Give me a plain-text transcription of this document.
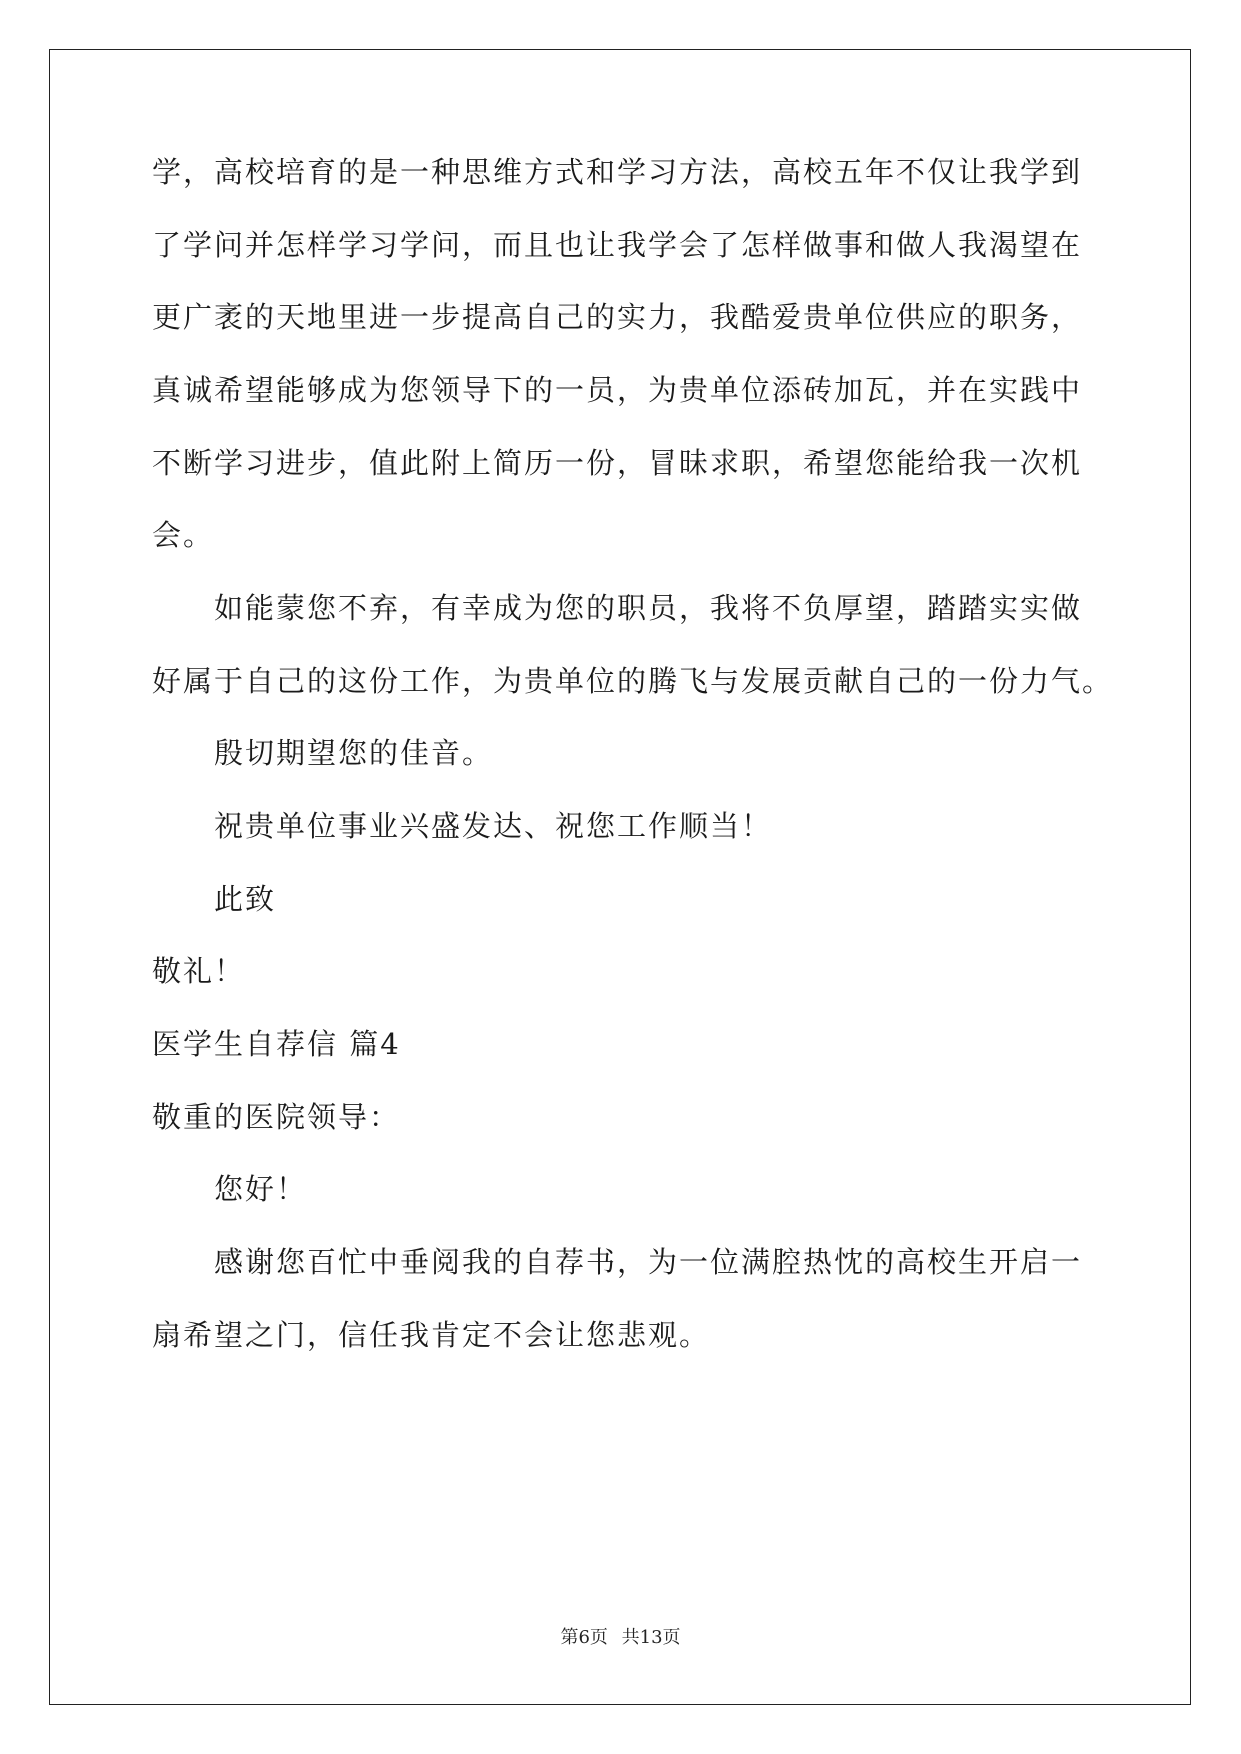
学，高校培育的是一种思维方式和学习方法，高校五年不仅让我学到

了学问并怎样学习学问，而且也让我学会了怎样做事和做人我渴望在

更广袤的天地里进一步提高自己的实力，我酷爱贵单位供应的职务，

真诚希望能够成为您领导下的一员，为贵单位添砖加瓦，并在实践中

不断学习进步，值此附上简历一份，冒昧求职，希望您能给我一次机

会。

如能蒙您不弃，有幸成为您的职员，我将不负厚望，踏踏实实做

好属于自己的这份工作，为贵单位的腾飞与发展贡献自己的一份力气。

殷切期望您的佳音。

祝贵单位事业兴盛发达、祝您工作顺当！

此致

敬礼！

医学生自荐信 篇4

敬重的医院领导：

您好！

感谢您百忙中垂阅我的自荐书，为一位满腔热忱的高校生开启一

扇希望之门，信任我肯定不会让您悲观。

第6页 共13页
